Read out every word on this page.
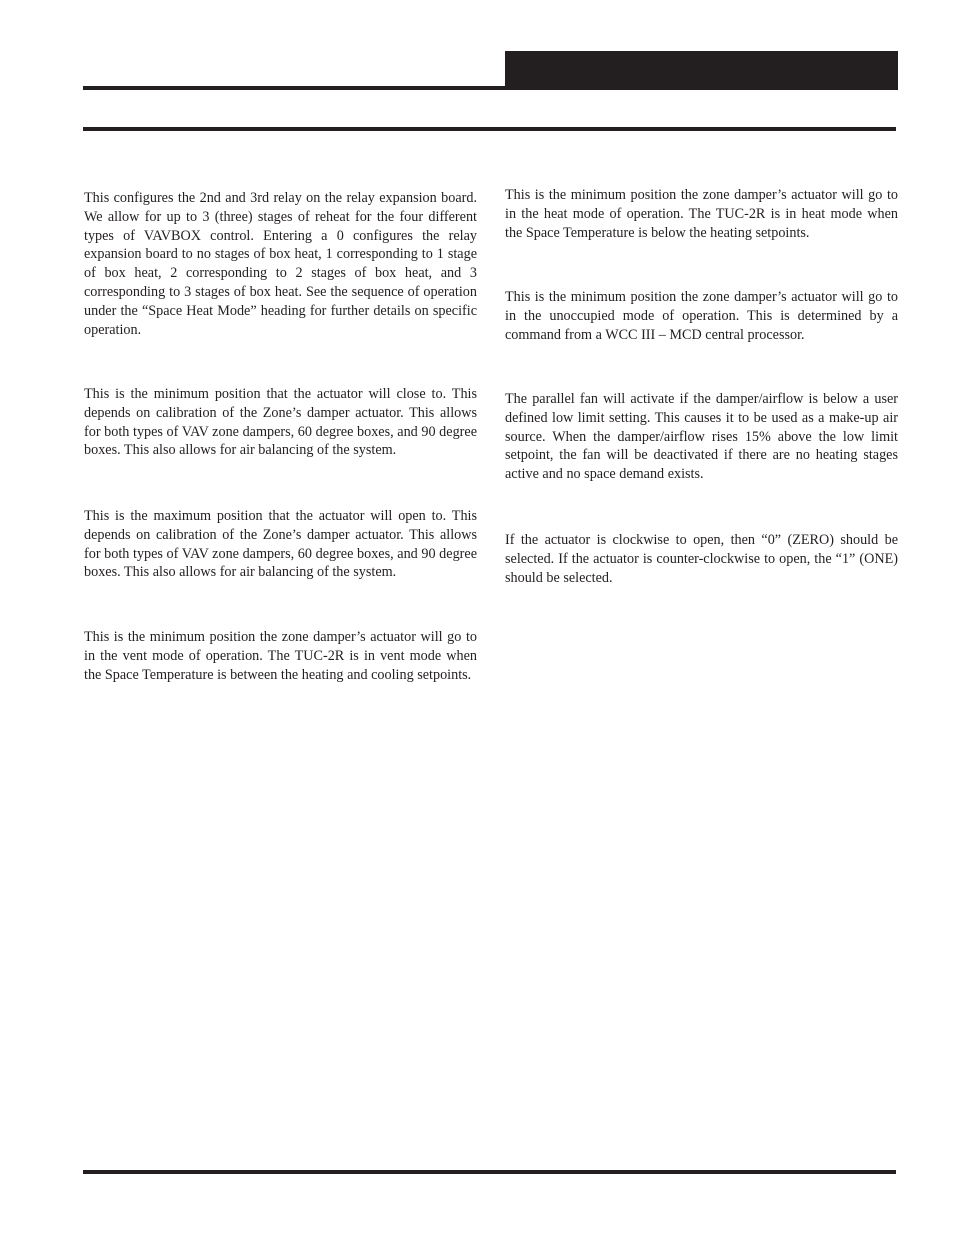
This configures the 2nd and 3rd relay on the relay expansion board. We allow for up to 3 (three) stages of reheat for the four different types of VAVBOX control. Entering a 0 configures the relay expansion board to no stages of box heat, 1 corresponding to 1 stage of box heat, 2 corresponding to 2 stages of box heat, and 3 corresponding to 3 stages of box heat. See the sequence of operation under the “Space Heat Mode” heading for further details on specific operation.

This is the minimum position that the actuator will close to. This depends on calibration of the Zone’s damper actuator. This allows for both types of VAV zone dampers, 60 degree boxes, and 90 degree boxes. This also allows for air balancing of the system.

This is the maximum position that the actuator will open to. This depends on calibration of the Zone’s damper actuator. This allows for both types of VAV zone dampers, 60 degree boxes, and 90 degree boxes. This also allows for air balancing of the system.

This is the minimum position the zone damper’s actuator will go to in the vent mode of operation. The TUC-2R is in vent mode when the Space Temperature is between the heating and cooling setpoints.

This is the minimum position the zone damper’s actuator will go to in the heat mode of operation. The TUC-2R is in heat mode when the Space Temperature is below the heating setpoints.

This is the minimum position the zone damper’s actuator will go to in the unoccupied mode of operation. This is determined by a command from a WCC III – MCD central processor.

The parallel fan will activate if the damper/airflow is below a user defined low limit setting. This causes it to be used as a make-up air source. When the damper/airflow rises 15% above the low limit setpoint, the fan will be deactivated if there are no heating stages active and no space demand exists.

If the actuator is clockwise to open, then “0” (ZERO) should be selected. If the actuator is counter-clockwise to open, the “1” (ONE) should be selected.
